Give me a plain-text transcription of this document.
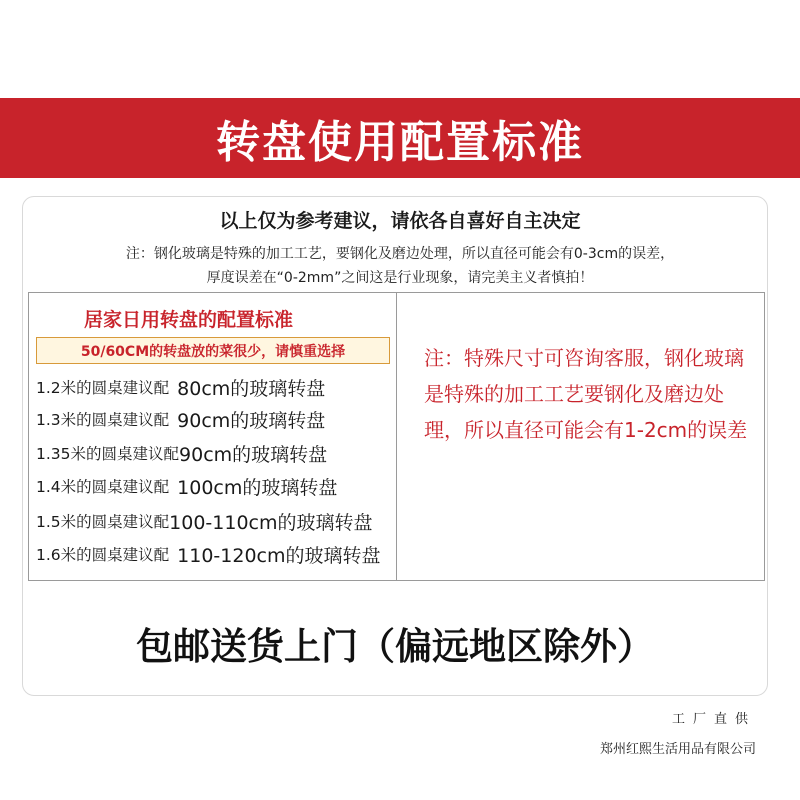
转盘使用配置标准
以上仅为参考建议，请依各自喜好自主决定
注：钢化玻璃是特殊的加工工艺，要钢化及磨边处理，所以直径可能会有0-3cm的误差，
厚度误差在“0-2mm”之间这是行业现象，请完美主义者慎拍！
居家日用转盘的配置标准
50/60CM的转盘放的菜很少，请慎重选择
1.2米的圆桌建议配 80cm的玻璃转盘
1.3米的圆桌建议配 90cm的玻璃转盘
1.35米的圆桌建议配 90cm的玻璃转盘
1.4米的圆桌建议配 100cm的玻璃转盘
1.5米的圆桌建议配 100-110cm的玻璃转盘
1.6米的圆桌建议配 110-120cm的玻璃转盘
注：特殊尺寸可咨询客服，钢化玻璃是特殊的加工工艺要钢化及磨边处理，所以直径可能会有1-2cm的误差
包邮送货上门（偏远地区除外）
工厂直供
郑州红熙生活用品有限公司
